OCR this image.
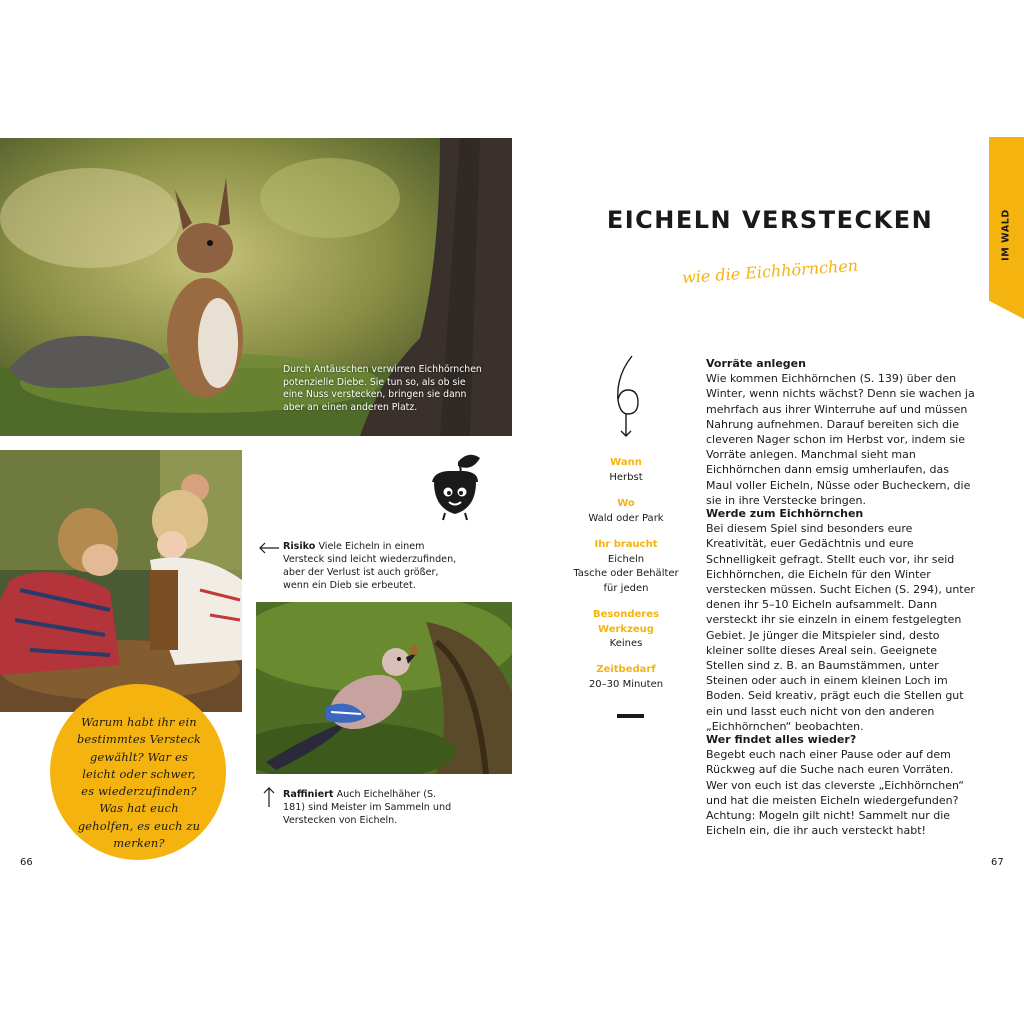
Durch Antäuschen verwirren Eichhörnchen potenzielle Diebe. Sie tun so, als ob sie eine Nuss verstecken, bringen sie dann aber an einen anderen Platz.
Risiko Viele Eicheln in einem Versteck sind leicht wiederzufinden, aber der Verlust ist auch größer, wenn ein Dieb sie erbeutet.
Raffiniert Auch Eichelhäher (S. 181) sind Meister im Sammeln und Verstecken von Eicheln.
Warum habt ihr ein bestimmtes Versteck gewählt? War es leicht oder schwer, es wiederzufinden? Was hat euch geholfen, es euch zu merken?
66
IM WALD
EICHELN VERSTECKEN
wie die Eichhörnchen
Wann
Herbst
Wo
Wald oder Park
Ihr braucht
Eicheln
Tasche oder Behälter
für jeden
Besonderes
Werkzeug
Keines
Zeitbedarf
20–30 Minuten
Vorräte anlegen

Wie kommen Eichhörnchen (S. 139) über den Winter, wenn nichts wächst? Denn sie wachen ja mehrfach aus ihrer Winterruhe auf und müssen Nahrung aufnehmen. Darauf bereiten sich die cleveren Nager schon im Herbst vor, indem sie Vorräte anlegen. Manchmal sieht man Eichhörnchen dann emsig umherlaufen, das Maul voller Eicheln, Nüsse oder Bucheckern, die sie in ihre Verstecke bringen.

Werde zum Eichhörnchen

Bei diesem Spiel sind besonders eure Kreativität, euer Gedächtnis und eure Schnelligkeit gefragt. Stellt euch vor, ihr seid Eichhörnchen, die Eicheln für den Winter verstecken müssen. Sucht Eichen (S. 294), unter denen ihr 5–10 Eicheln aufsammelt. Dann versteckt ihr sie einzeln in einem festgelegten Gebiet. Je jünger die Mitspieler sind, desto kleiner sollte dieses Areal sein. Geeignete Stellen sind z. B. an Baumstämmen, unter Steinen oder auch in einem kleinen Loch im Boden. Seid kreativ, prägt euch die Stellen gut ein und lasst euch nicht von den anderen „Eichhörnchen“ beobachten.

Wer findet alles wieder?

Begebt euch nach einer Pause oder auf dem Rückweg auf die Suche nach euren Vorräten. Wer von euch ist das cleverste „Eichhörnchen“ und hat die meisten Eicheln wiedergefunden? Achtung: Mogeln gilt nicht! Sammelt nur die Eicheln ein, die ihr auch versteckt habt!

67
